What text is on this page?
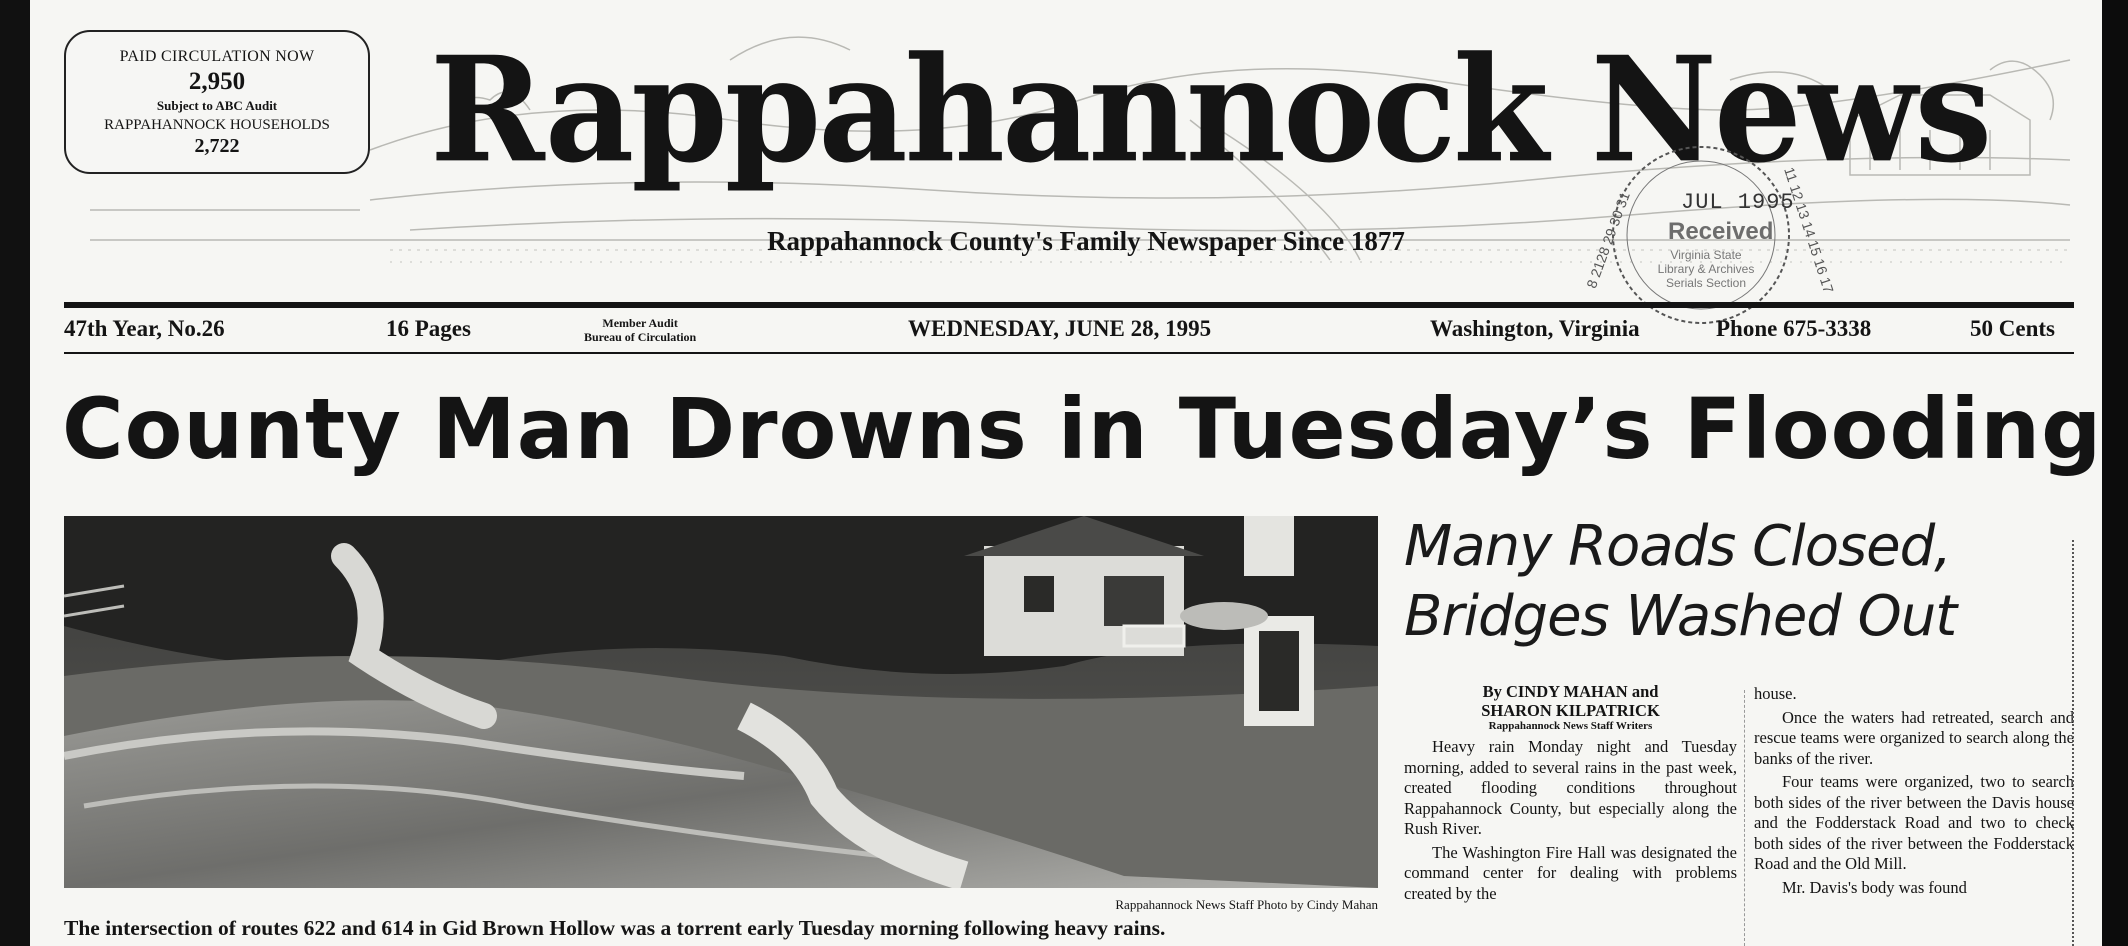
PAID CIRCULATION NOW
2,950
Subject to ABC Audit
RAPPAHANNOCK HOUSEHOLDS
2,722	Rappahannock News
Rappahannock County's Family Newspaper Since 1877
JUL 1995
Received
Virginia State
Library & Archives
Serials Section
8 2128 29 30 31	11 12 13 14 15 16 17
47th Year, No.26	16 Pages	Member Audit
Bureau of Circulation	WEDNESDAY, JUNE 28, 1995	Washington, Virginia	Phone 675-3338	50 Cents
County Man Drowns in Tuesday’s Flooding
Rappahannock News Staff Photo by Cindy Mahan
The intersection of routes 622 and 614 in Gid Brown Hollow was a torrent early Tuesday morning following heavy rains.
Many Roads Closed,
Bridges Washed Out
By CINDY MAHAN and
SHARON KILPATRICK
Rappahannock News Staff Writers

Heavy rain Monday night and Tuesday morning, added to several rains in the past week, created flooding conditions throughout Rappahannock County, but especially along the Rush River.

The Washington Fire Hall was designated the command center for dealing with problems created by the

house.

Once the waters had retreated, search and rescue teams were organized to search along the banks of the river.

Four teams were organized, two to search both sides of the river between the Davis house and the Fodderstack Road and two to check both sides of the river between the Fodderstack Road and the Old Mill.

Mr. Davis's body was found
